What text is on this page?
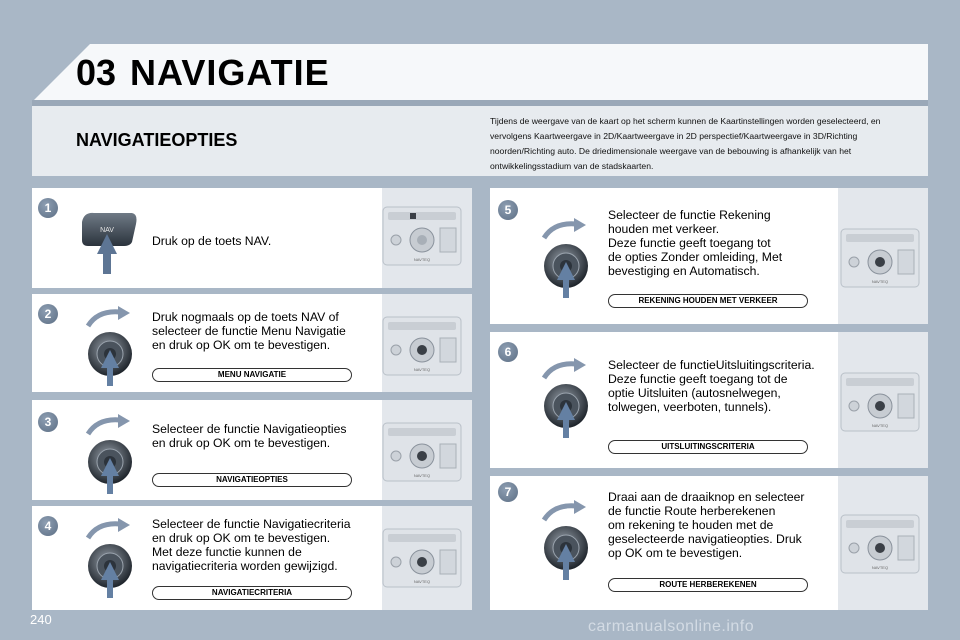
03 NAVIGATIE
NAVIGATIEOPTIES
Tijdens de weergave van de kaart op het scherm kunnen de Kaartinstellingen worden geselecteerd, en vervolgens Kaartweergave in 2D/Kaartweergave in 2D perspectief/Kaartweergave in 3D/Richting noorden/Richting auto. De driedimensionale weergave van de bebouwing is afhankelijk van het ontwikkelingsstadium van de stadskaarten.
1
NAV
Druk op de toets NAV.
NAVTEQ
2	Druk nogmaals op de toets NAV of
selecteer de functie Menu Navigatie
en druk op OK om te bevestigen.
MENU NAVIGATIE
NAVTEQ
3	Selecteer de functie Navigatieopties
en druk op OK om te bevestigen.
NAVIGATIEOPTIES	NAVTEQ
4	Selecteer de functie Navigatiecriteria
en druk op OK om te bevestigen.
Met deze functie kunnen de
navigatiecriteria worden gewijzigd.
NAVIGATIECRITERIA
NAVTEQ
5	Selecteer de functie Rekening
houden met verkeer.
Deze functie geeft toegang tot
de opties Zonder omleiding, Met
bevestiging en Automatisch.
REKENING HOUDEN MET VERKEER
NAVTEQ
6
Selecteer de functieUitsluitingscriteria.
Deze functie geeft toegang tot de
optie Uitsluiten (autosnelwegen,
tolwegen, veerboten, tunnels).
UITSLUITINGSCRITERIA
NAVTEQ
7	Draai aan de draaiknop en selecteer
de functie Route herberekenen
om rekening te houden met de
geselecteerde navigatieopties. Druk
op OK om te bevestigen.
ROUTE HERBEREKENEN
NAVTEQ
240	carmanualsonline.info
